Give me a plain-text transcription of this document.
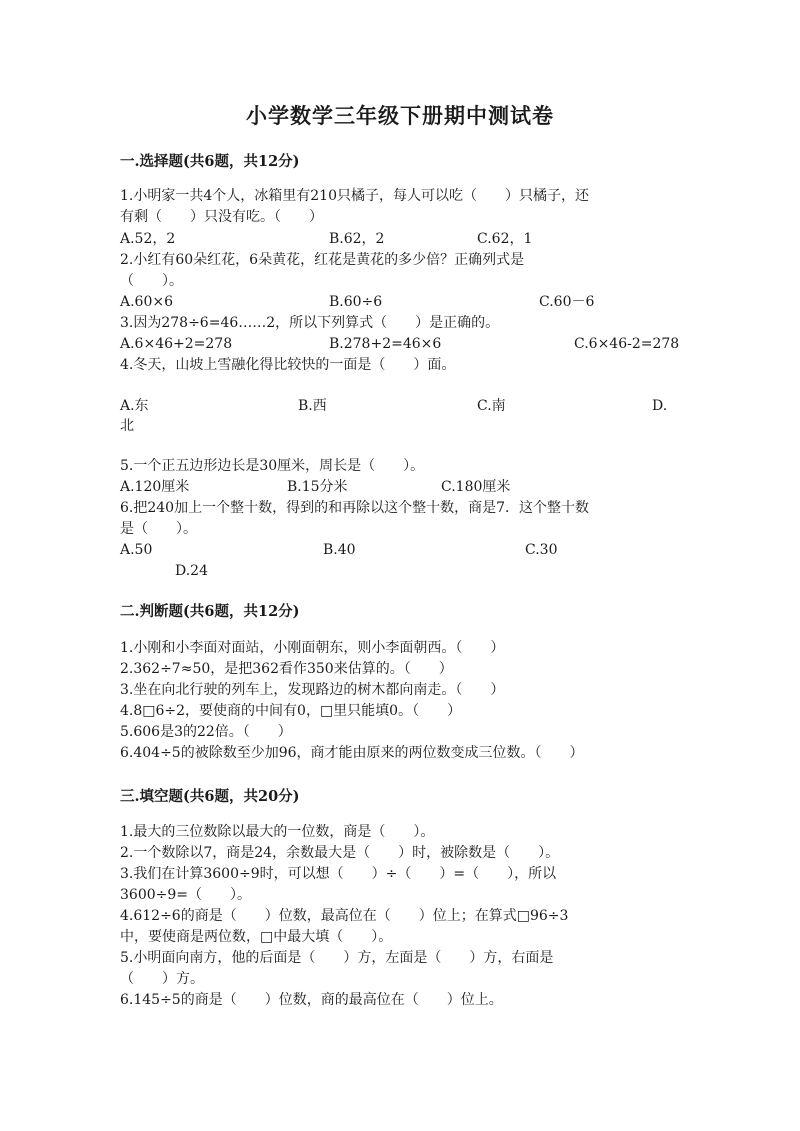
小学数学三年级下册期中测试卷
一.选择题(共6题，共12分)
1.小明家一共4个人，冰箱里有210只橘子，每人可以吃（　　）只橘子，还
有剩（　　）只没有吃。（　　）
A.52，2	B.62，2	C.62，1
2.小红有60朵红花，6朵黄花，红花是黄花的多少倍？正确列式是
（　　）。
A.60×6	B.60÷6	C.60－6
3.因为278÷6=46……2，所以下列算式（　　）是正确的。
A.6×46+2=278	B.278+2=46×6	C.6×46-2=278
4.冬天，山坡上雪融化得比较快的一面是（　　）面。
A.东	B.西	C.南	D.
北
5.一个正五边形边长是30厘米，周长是（　　）。
A.120厘米	B.15分米	C.180厘米
6.把240加上一个整十数，得到的和再除以这个整十数，商是7．这个整十数
是（　　）。
A.50	B.40	C.30
D.24
二.判断题(共6题，共12分)
1.小刚和小李面对面站，小刚面朝东，则小李面朝西。（　　）
2.362÷7≈50，是把362看作350来估算的。（　　）
3.坐在向北行驶的列车上，发现路边的树木都向南走。（　　）
4.8□6÷2，要使商的中间有0，□里只能填0。（　　）
5.606是3的22倍。（　　）
6.404÷5的被除数至少加96，商才能由原来的两位数变成三位数。（　　）
三.填空题(共6题，共20分)
1.最大的三位数除以最大的一位数，商是（　　）。
2.一个数除以7，商是24，余数最大是（　　）时，被除数是（　　）。
3.我们在计算3600÷9时，可以想（　　）÷（　　）=（　　），所以
3600÷9=（　　）。
4.612÷6的商是（　　）位数，最高位在（　　）位上；在算式□96÷3
中，要使商是两位数，□中最大填（　　）。
5.小明面向南方，他的后面是（　　）方，左面是（　　）方，右面是
（　　）方。
6.145÷5的商是（　　）位数，商的最高位在（　　）位上。
